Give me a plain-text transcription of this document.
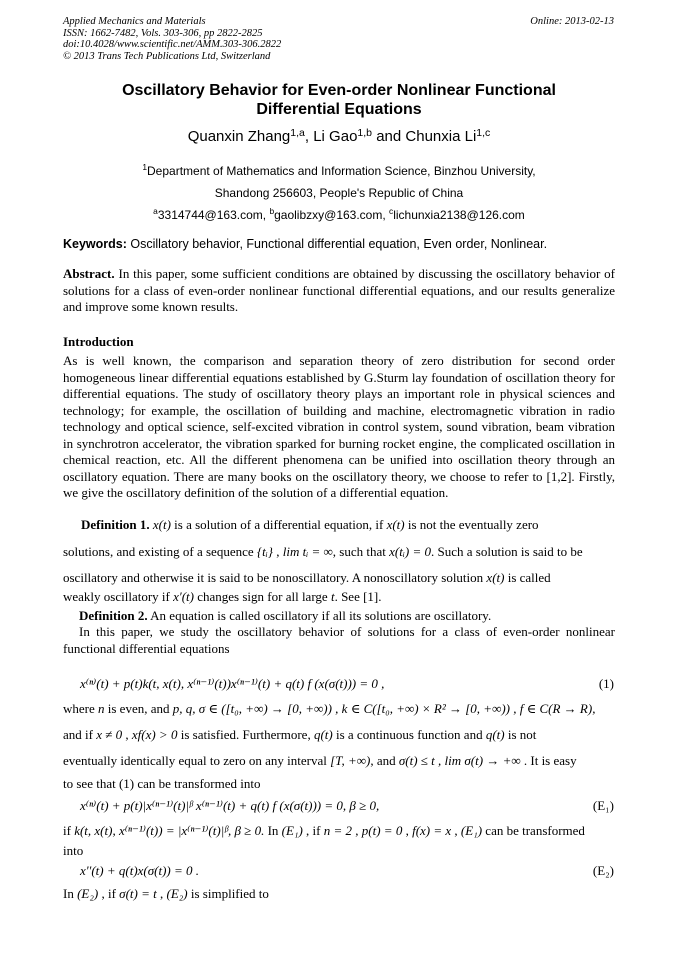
Applied Mechanics and Materials
ISSN: 1662-7482, Vols. 303-306, pp 2822-2825
doi:10.4028/www.scientific.net/AMM.303-306.2822
© 2013 Trans Tech Publications Ltd, Switzerland
Online: 2013-02-13
Oscillatory Behavior for Even-order Nonlinear Functional
Differential Equations
Quanxin Zhang$^{1,a}$, Li Gao$^{1,b}$ and Chunxia Li$^{1,c}$
$^1$Department of Mathematics and Information Science, Binzhou University,
Shandong 256603, People's Republic of China
$^a$3314744@163.com, $^b$gaolibzxy@163.com, $^c$lichunxia2138@126.com
Keywords: Oscillatory behavior, Functional differential equation, Even order, Nonlinear.
Abstract. In this paper, some sufficient conditions are obtained by discussing the oscillatory behavior of solutions for a class of even-order nonlinear functional differential equations, and our results generalize and improve some known results.
Introduction
As is well known, the comparison and separation theory of zero distribution for second order homogeneous linear differential equations established by G.Sturm lay foundation of oscillation theory for differential equations. The study of oscillatory theory plays an important role in physical sciences and technology; for example, the oscillation of building and machine, electromagnetic vibration in radio technology and optical science, self-excited vibration in control system, sound vibration, beam vibration in synchrotron accelerator, the vibration sparked for burning rocket engine, the complicated oscillation in chemical reaction, etc. All the different phenomena can be unified into oscillation theory through an oscillatory equation. There are many books on the oscillatory theory, we choose to refer to [1,2]. Firstly, we give the oscillatory definition of the solution of a differential equation.
Definition 1. x(t) is a solution of a differential equation, if x(t) is not the eventually zero
solutions, and existing of a sequence {tᵢ} , lim tᵢ = ∞, such that x(tᵢ) = 0. Such a solution is said to be
oscillatory and otherwise it is said to be nonoscillatory. A nonoscillatory solution x(t) is called
weakly oscillatory if x′(t) changes sign for all large t. See [1].
Definition 2. An equation is called oscillatory if all its solutions are oscillatory.
In this paper, we study the oscillatory behavior of solutions for a class of even-order nonlinear functional differential equations
x⁽ⁿ⁾(t) + p(t)k(t, x(t), x⁽ⁿ⁻¹⁾(t))x⁽ⁿ⁻¹⁾(t) + q(t) f (x(σ(t))) = 0 ,	(1)
where n is even, and p, q, σ ∈ ([t₀, +∞) → [0, +∞)) , k ∈ C([t₀, +∞) × R² → [0, +∞)) , f ∈ C(R → R),
and if x ≠ 0 , xf(x) > 0 is satisfied. Furthermore, q(t) is a continuous function and q(t) is not
eventually identically equal to zero on any interval [T, +∞), and σ(t) ≤ t , lim σ(t) → +∞ . It is easy
to see that (1) can be transformed into
x⁽ⁿ⁾(t) + p(t)|x⁽ⁿ⁻¹⁾(t)|ᵝ x⁽ⁿ⁻¹⁾(t) + q(t) f (x(σ(t))) = 0, β ≥ 0,	(E₁)
if k(t, x(t), x⁽ⁿ⁻¹⁾(t)) = |x⁽ⁿ⁻¹⁾(t)|ᵝ, β ≥ 0. In (E₁) , if n = 2 , p(t) = 0 , f(x) = x , (E₁) can be transformed
into
x''(t) + q(t)x(σ(t)) = 0 .	(E₂)
In (E₂) , if σ(t) = t , (E₂) is simplified to
